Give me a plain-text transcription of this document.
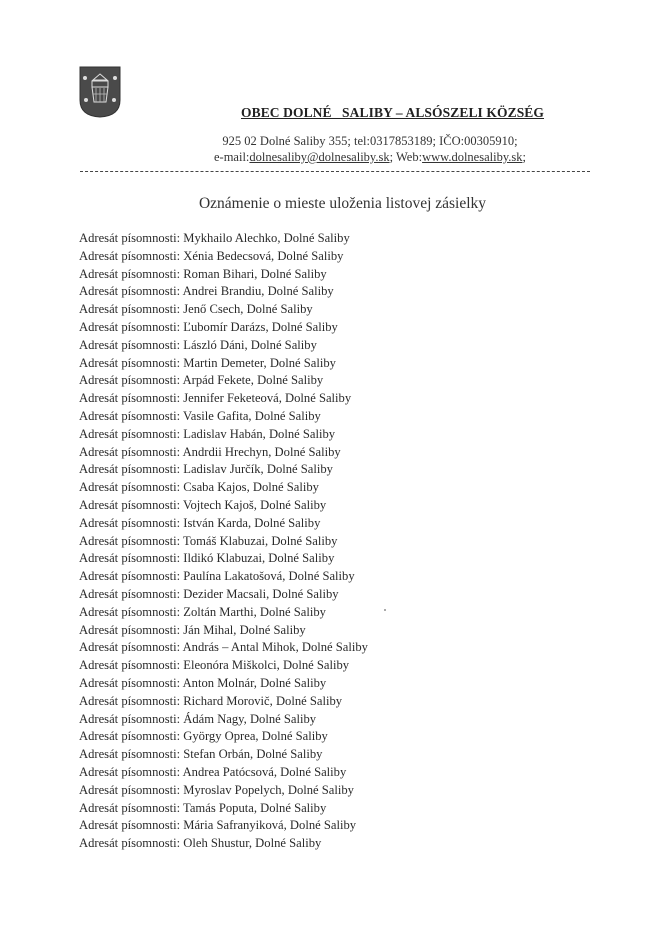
OBEC DOLNÉ   SALIBY – ALSÓSZELI KÖZSÉG
925 02 Dolné Saliby 355; tel:0317853189; IČO:00305910;
e-mail:dolnesaliby@dolnesaliby.sk; Web:www.dolnesaliby.sk;
Oznámenie o mieste uloženia listovej zásielky
Adresát písomnosti: Mykhailo Alechko, Dolné Saliby
Adresát písomnosti: Xénia Bedecsová, Dolné Saliby
Adresát písomnosti: Roman Bihari, Dolné Saliby
Adresát písomnosti: Andrei Brandiu, Dolné Saliby
Adresát písomnosti: Jenő Csech, Dolné Saliby
Adresát písomnosti: Ľubomír Darázs, Dolné Saliby
Adresát písomnosti: László Dáni, Dolné Saliby
Adresát písomnosti: Martin Demeter, Dolné Saliby
Adresát písomnosti: Arpád Fekete, Dolné Saliby
Adresát písomnosti: Jennifer Feketeová, Dolné Saliby
Adresát písomnosti: Vasile Gafita, Dolné Saliby
Adresát písomnosti: Ladislav Habán, Dolné Saliby
Adresát písomnosti: Andrdii Hrechyn, Dolné Saliby
Adresát písomnosti: Ladislav Jurčík, Dolné Saliby
Adresát písomnosti: Csaba Kajos, Dolné Saliby
Adresát písomnosti: Vojtech Kajoš, Dolné Saliby
Adresát písomnosti: István Karda, Dolné Saliby
Adresát písomnosti: Tomáš Klabuzai, Dolné Saliby
Adresát písomnosti: Ildikó Klabuzai, Dolné Saliby
Adresát písomnosti: Paulína Lakatošová, Dolné Saliby
Adresát písomnosti: Dezider Macsali, Dolné Saliby
Adresát písomnosti: Zoltán Marthi, Dolné Saliby
Adresát písomnosti: Ján Mihal, Dolné Saliby
Adresát písomnosti: András – Antal Mihok, Dolné Saliby
Adresát písomnosti: Eleonóra Miškolci, Dolné Saliby
Adresát písomnosti: Anton Molnár, Dolné Saliby
Adresát písomnosti: Richard Morovič, Dolné Saliby
Adresát písomnosti: Ádám Nagy, Dolné Saliby
Adresát písomnosti: György Oprea, Dolné Saliby
Adresát písomnosti: Stefan Orbán, Dolné Saliby
Adresát písomnosti: Andrea Patócsová, Dolné Saliby
Adresát písomnosti: Myroslav Popelych, Dolné Saliby
Adresát písomnosti: Tamás Poputa, Dolné Saliby
Adresát písomnosti: Mária Safranyiková, Dolné Saliby
Adresát písomnosti: Oleh Shustur, Dolné Saliby
